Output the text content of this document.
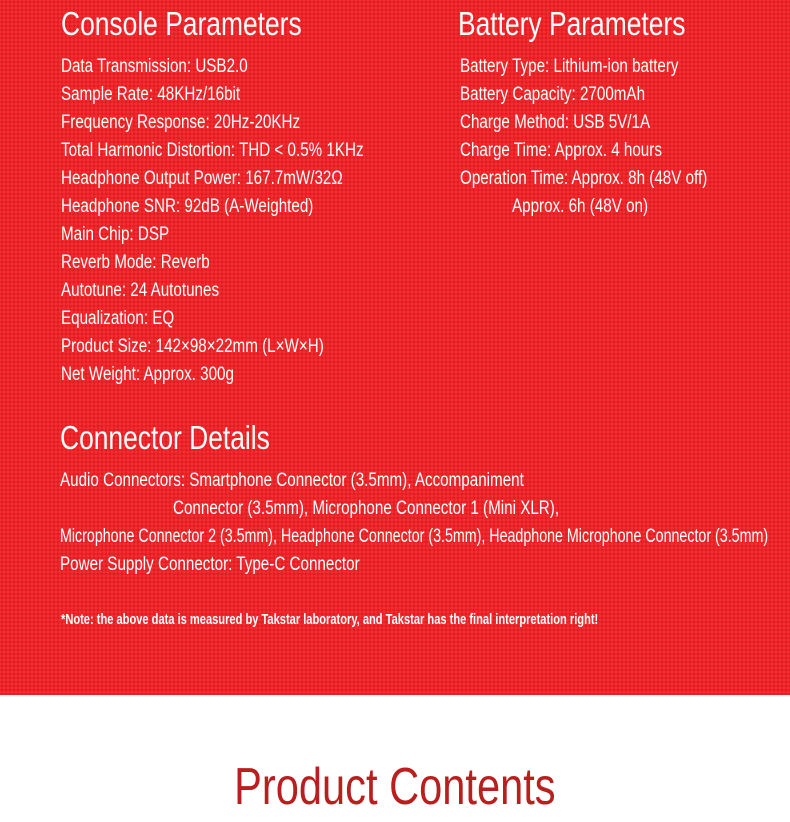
Console Parameters
Data Transmission: USB2.0
Sample Rate: 48KHz/16bit
Frequency Response: 20Hz-20KHz
Total Harmonic Distortion: THD < 0.5% 1KHz
Headphone Output Power: 167.7mW/32Ω
Headphone SNR: 92dB (A-Weighted)
Main Chip: DSP
Reverb Mode: Reverb
Autotune: 24 Autotunes
Equalization: EQ
Product Size: 142×98×22mm (L×W×H)
Net Weight: Approx. 300g
Battery Parameters
Battery Type: Lithium-ion battery
Battery Capacity: 2700mAh
Charge Method: USB 5V/1A
Charge Time: Approx. 4 hours
Operation Time: Approx. 8h (48V off)
Approx. 6h (48V on)
Connector Details
Audio Connectors: Smartphone Connector (3.5mm), Accompaniment
Connector (3.5mm), Microphone Connector 1 (Mini XLR),
Microphone Connector 2 (3.5mm), Headphone Connector (3.5mm), Headphone Microphone Connector (3.5mm)
Power Supply Connector: Type-C Connector
*Note: the above data is measured by Takstar laboratory, and Takstar has the final interpretation right!
Product Contents
